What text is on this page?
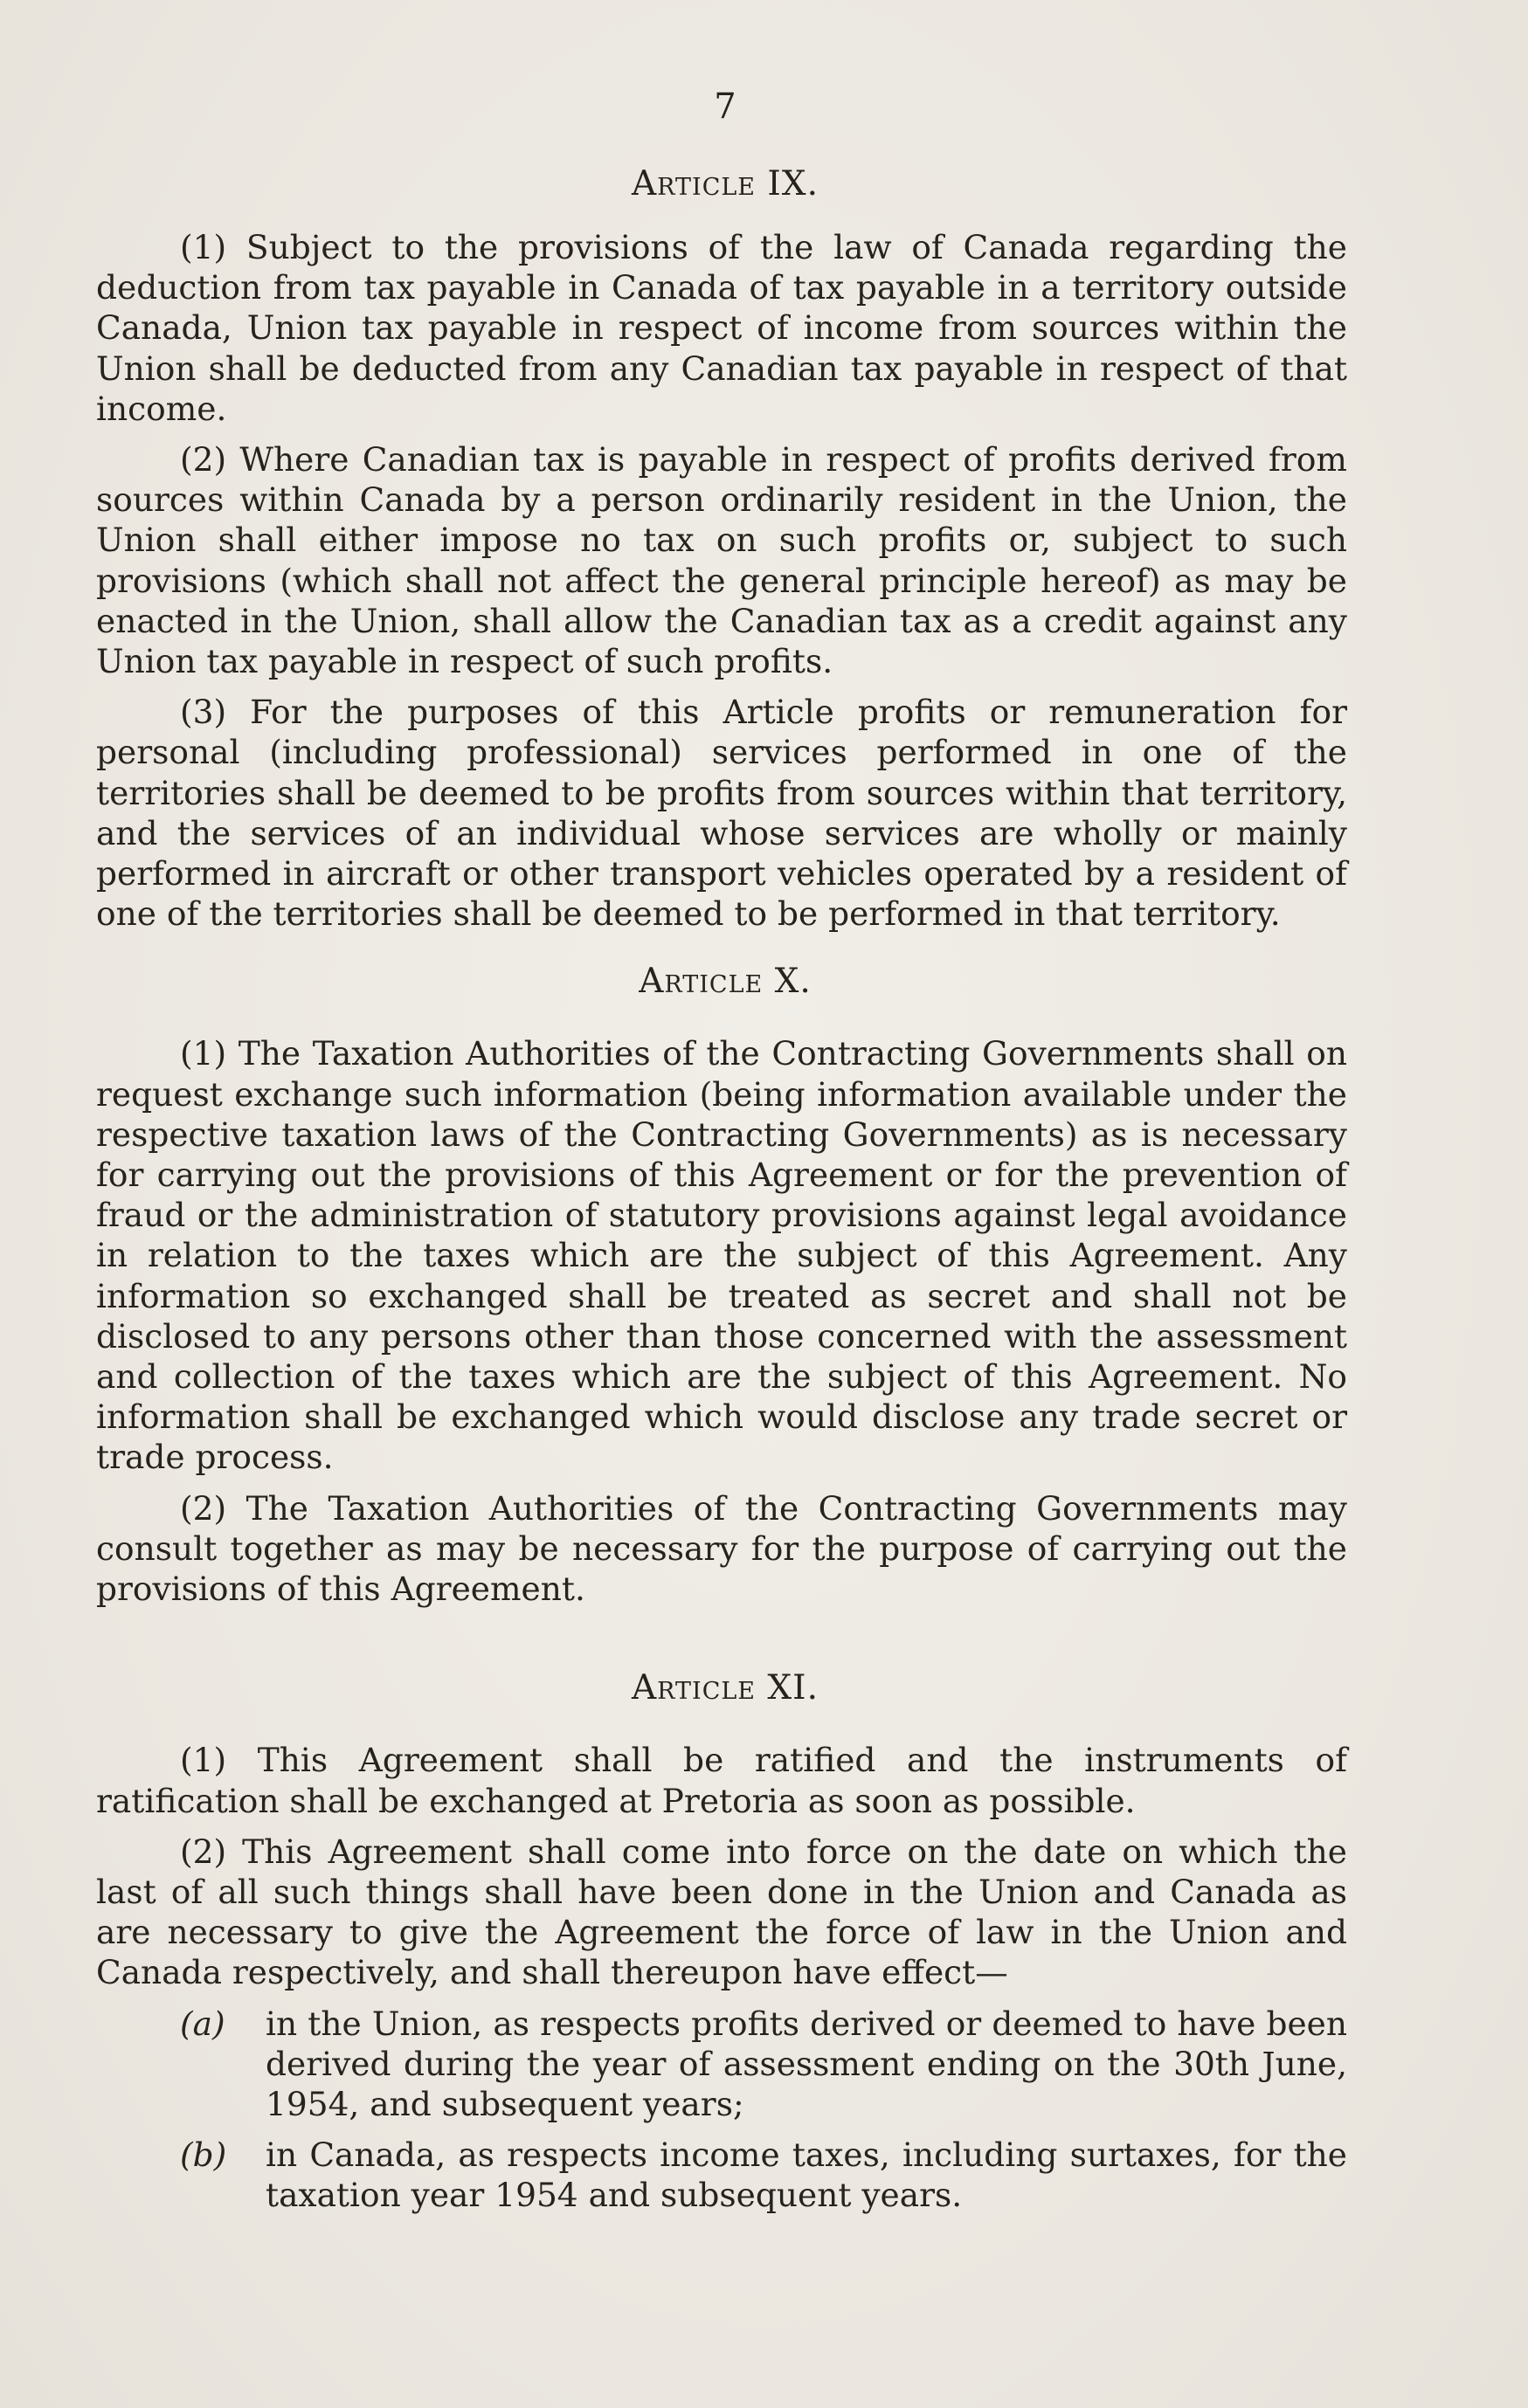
7
Article IX.

(1) Subject to the provisions of the law of Canada regarding the deduction from tax payable in Canada of tax payable in a territory outside Canada, Union tax payable in respect of income from sources within the Union shall be deducted from any Canadian tax payable in respect of that income.

(2) Where Canadian tax is payable in respect of profits derived from sources within Canada by a person ordinarily resident in the Union, the Union shall either impose no tax on such profits or, subject to such provisions (which shall not affect the general principle hereof) as may be enacted in the Union, shall allow the Canadian tax as a credit against any Union tax payable in respect of such profits.

(3) For the purposes of this Article profits or remuneration for personal (including professional) services performed in one of the territories shall be deemed to be profits from sources within that territory, and the services of an individual whose services are wholly or mainly performed in aircraft or other transport vehicles operated by a resident of one of the territories shall be deemed to be performed in that territory.

Article X.

(1) The Taxation Authorities of the Contracting Governments shall on request exchange such information (being information available under the respective taxation laws of the Contracting Governments) as is necessary for carrying out the provisions of this Agreement or for the prevention of fraud or the administration of statutory provisions against legal avoidance in relation to the taxes which are the subject of this Agreement. Any information so exchanged shall be treated as secret and shall not be disclosed to any persons other than those concerned with the assessment and collection of the taxes which are the subject of this Agreement. No information shall be exchanged which would disclose any trade secret or trade process.

(2) The Taxation Authorities of the Contracting Governments may consult together as may be necessary for the purpose of carrying out the provisions of this Agreement.

Article XI.

(1) This Agreement shall be ratified and the instruments of ratification shall be exchanged at Pretoria as soon as possible.

(2) This Agreement shall come into force on the date on which the last of all such things shall have been done in the Union and Canada as are necessary to give the Agreement the force of law in the Union and Canada respectively, and shall thereupon have effect—

(a) in the Union, as respects profits derived or deemed to have been derived during the year of assessment ending on the 30th June, 1954, and subsequent years;
(b) in Canada, as respects income taxes, including surtaxes, for the taxation year 1954 and subsequent years.
